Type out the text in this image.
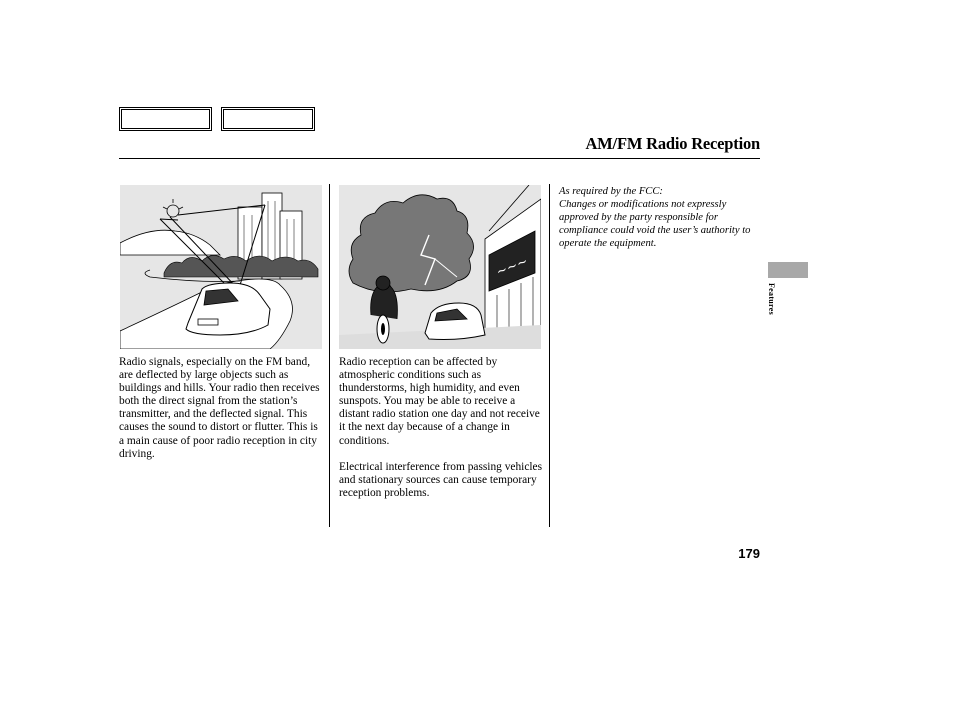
AM/FM Radio Reception
~~~
Radio signals, especially on the FM band, are deflected by large objects such as buildings and hills. Your radio then receives both the direct signal from the station’s transmitter, and the deflected signal. This causes the sound to distort or flutter. This is a main cause of poor radio reception in city driving.
Radio reception can be affected by atmospheric conditions such as thunderstorms, high humidity, and even sunspots. You may be able to receive a distant radio station one day and not receive it the next day because of a change in conditions.
Electrical interference from passing vehicles and stationary sources can cause temporary reception problems.
As required by the FCC:
Changes or modifications not expressly approved by the party responsible for compliance could void the user’s authority to operate the equipment.
Features
179
